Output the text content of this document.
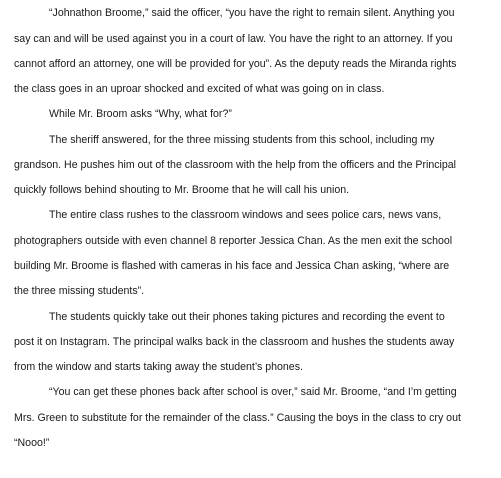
“Johnathon Broome,” said the officer, “you have the right to remain silent. Anything you
say can and will be used against you in a court of law. You have the right to an attorney. If you
cannot afford an attorney, one will be provided for you”. As the deputy reads the Miranda rights
the class goes in an uproar shocked and excited of what was going on in class.
While Mr. Broom asks “Why, what for?”
The sheriff answered, for the three missing students from this school, including my
grandson. He pushes him out of the classroom with the help from the officers and the Principal
quickly follows behind shouting to Mr. Broome that he will call his union.
The entire class rushes to the classroom windows and sees police cars, news vans,
photographers outside with even channel 8 reporter Jessica Chan. As the men exit the school
building Mr. Broome is flashed with cameras in his face and Jessica Chan asking, “where are
the three missing students”.
The students quickly take out their phones taking pictures and recording the event to
post it on Instagram. The principal walks back in the classroom and hushes the students away
from the window and starts taking away the student’s phones.
“You can get these phones back after school is over,” said Mr. Broome, “and I’m getting
Mrs. Green to substitute for the remainder of the class.” Causing the boys in the class to cry out
“Nooo!”
